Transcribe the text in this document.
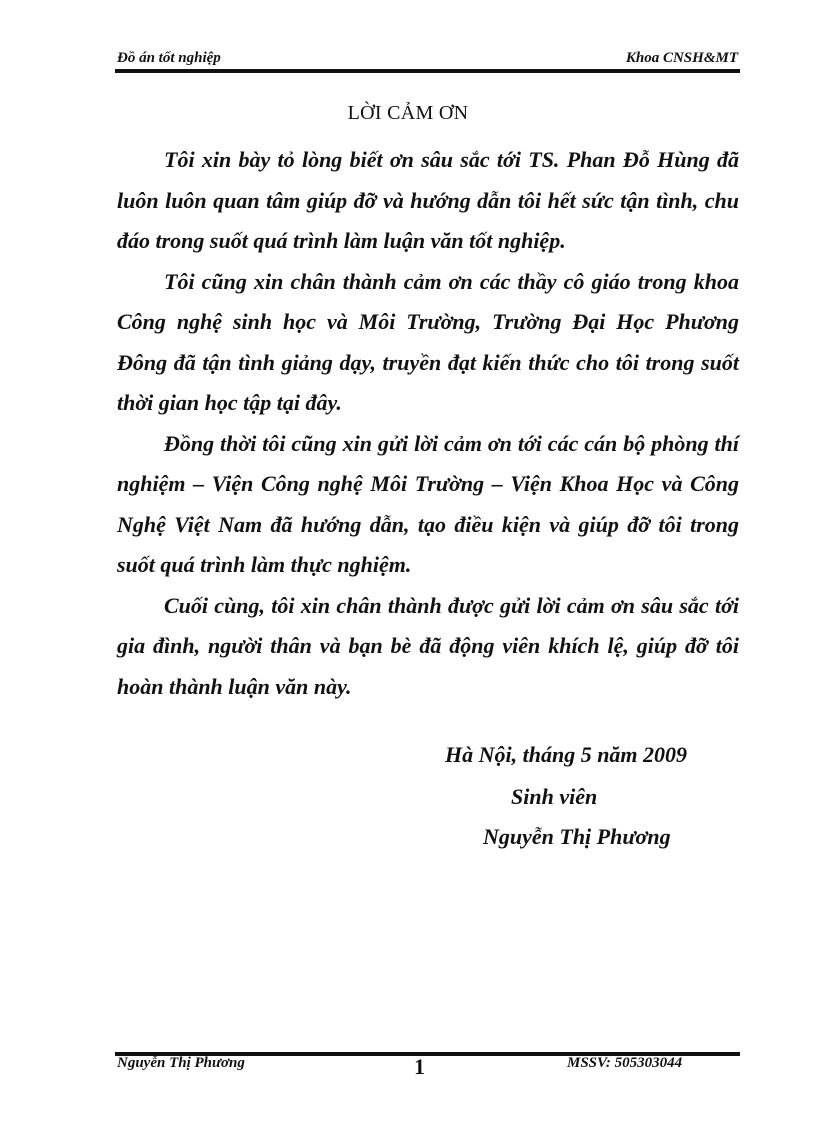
Đồ án tốt nghiệp	Khoa CNSH&MT
LỜI CẢM ƠN

Tôi xin bày tỏ lòng biết ơn sâu sắc tới TS. Phan Đỗ Hùng đã luôn luôn quan tâm giúp đỡ và hướng dẫn tôi hết sức tận tình, chu đáo trong suốt quá trình làm luận văn tốt nghiệp.

Tôi cũng xin chân thành cảm ơn các thầy cô giáo trong khoa Công nghệ sinh học và Môi Trường, Trường Đại Học Phương Đông đã tận tình giảng dạy, truyền đạt kiến thức cho tôi trong suốt thời gian học tập tại đây.

Đồng thời tôi cũng xin gửi lời cảm ơn tới các cán bộ phòng thí nghiệm – Viện Công nghệ Môi Trường – Viện Khoa Học và Công Nghệ Việt Nam đã hướng dẫn, tạo điều kiện và giúp đỡ tôi trong suốt quá trình làm thực nghiệm.

Cuối cùng, tôi xin chân thành được gửi lời cảm ơn sâu sắc tới gia đình, người thân và bạn bè đã động viên khích lệ, giúp đỡ tôi hoàn thành luận văn này.

Hà Nội, tháng 5 năm 2009
Sinh viên
Nguyễn Thị Phương
Nguyễn Thị Phương	1	MSSV: 505303044
